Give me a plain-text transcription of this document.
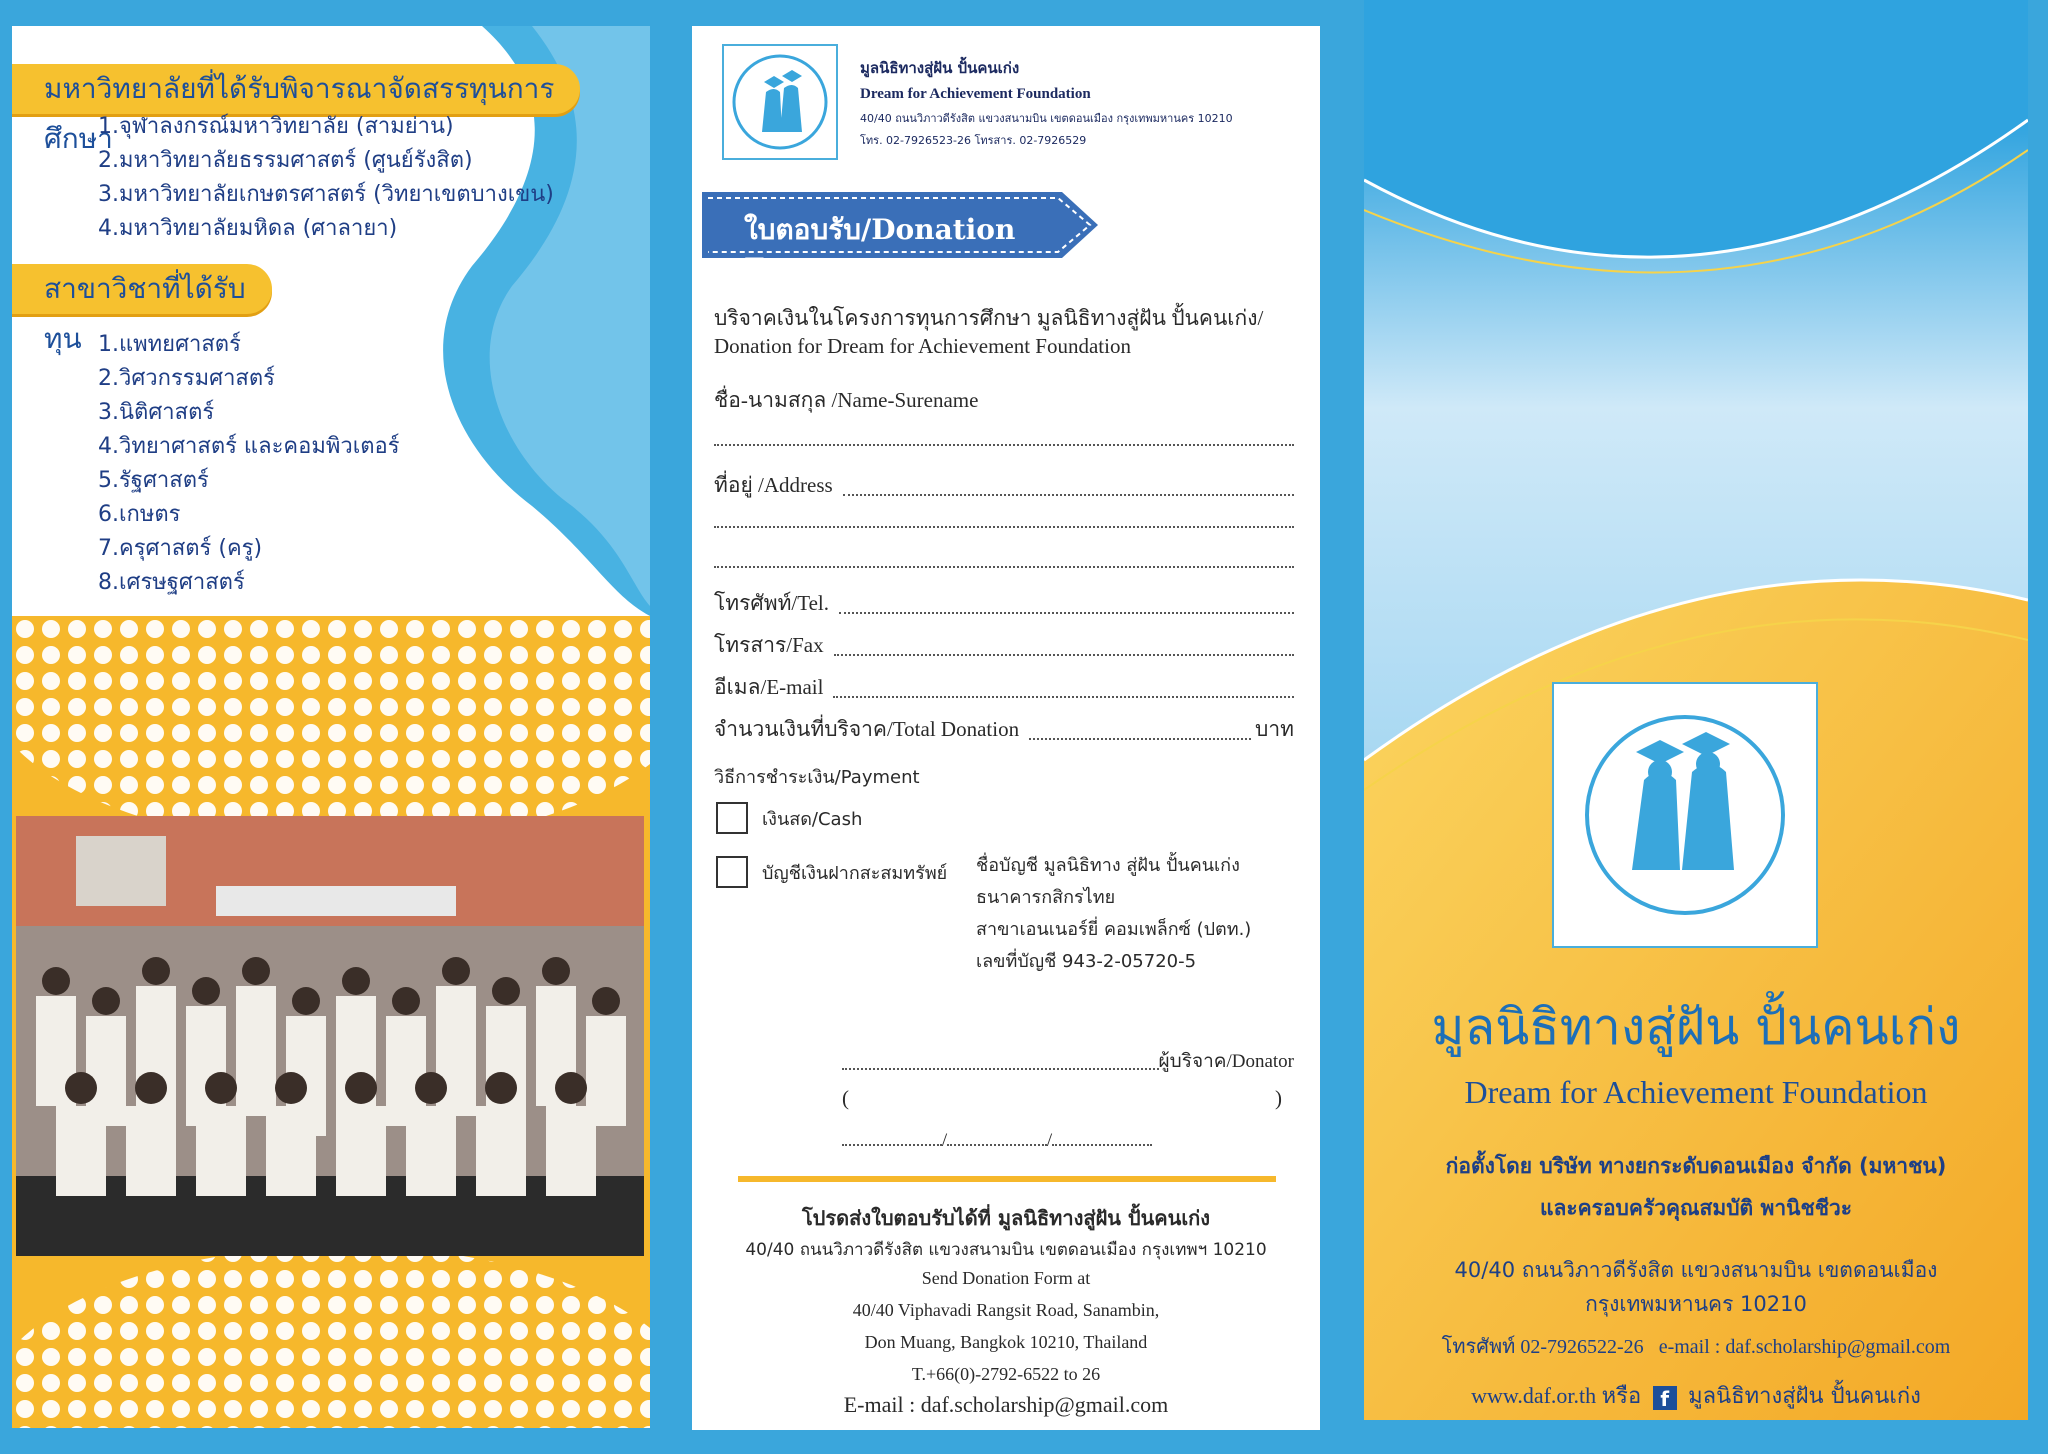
มหาวิทยาลัยที่ได้รับพิจารณาจัดสรรทุนการศึกษา
1.จุฬาลงกรณ์มหาวิทยาลัย (สามย่าน)
2.มหาวิทยาลัยธรรมศาสตร์ (ศูนย์รังสิต)
3.มหาวิทยาลัยเกษตรศาสตร์ (วิทยาเขตบางเขน)
4.มหาวิทยาลัยมหิดล (ศาลายา)
สาขาวิชาที่ได้รับทุน 1.แพทยศาสตร์
2.วิศวกรรมศาสตร์
3.นิติศาสตร์
4.วิทยาศาสตร์ และคอมพิวเตอร์
5.รัฐศาสตร์
6.เกษตร
7.ครุศาสตร์ (ครู)
8.เศรษฐศาสตร์
มูลนิธิทางสู่ฝัน ปั้นคนเก่ง
Dream for Achievement Foundation
40/40 ถนนวิภาวดีรังสิต แขวงสนามบิน เขตดอนเมือง กรุงเทพมหานคร 10210
โทร. 02-7926523-26 โทรสาร. 02-7926529
ใบตอบรับ/Donation Form
บริจาคเงินในโครงการทุนการศึกษา มูลนิธิทางสู่ฝัน ปั้นคนเก่ง/
Donation for Dream for Achievement Foundation
ชื่อ-นามสกุล /Name-Surename
ที่อยู่ /Address
โทรศัพท์/Tel.
โทรสาร/Fax
อีเมล/E-mail
จำนวนเงินที่บริจาค/Total Donation	บาท
วิธีการชำระเงิน/Payment
เงินสด/Cash
บัญชีเงินฝากสะสมทรัพย์ ชื่อบัญชี มูลนิธิทาง สู่ฝัน ปั้นคนเก่ง
ธนาคารกสิกรไทย
สาขาเอนเนอร์ยี่ คอมเพล็กซ์ (ปตท.)
เลขที่บัญชี 943-2-05720-5
ผู้บริจาค/Donator
(	)
/	/
โปรดส่งใบตอบรับได้ที่ มูลนิธิทางสู่ฝัน ปั้นคนเก่ง
40/40 ถนนวิภาวดีรังสิต แขวงสนามบิน เขตดอนเมือง กรุงเทพฯ 10210
Send Donation Form at
40/40 Viphavadi Rangsit Road, Sanambin,
Don Muang, Bangkok 10210, Thailand
T.+66(0)-2792-6522 to 26
E-mail : daf.scholarship@gmail.com
มูลนิธิทางสู่ฝัน ปั้นคนเก่ง
Dream for Achievement Foundation
ก่อตั้งโดย บริษัท ทางยกระดับดอนเมือง จำกัด (มหาชน)
และครอบครัวคุณสมบัติ พานิชชีวะ
40/40 ถนนวิภาวดีรังสิต แขวงสนามบิน เขตดอนเมือง
กรุงเทพมหานคร 10210
โทรศัพท์ 02-7926522-26 e-mail : daf.scholarship@gmail.com
www.daf.or.th หรือ f มูลนิธิทางสู่ฝัน ปั้นคนเก่ง
